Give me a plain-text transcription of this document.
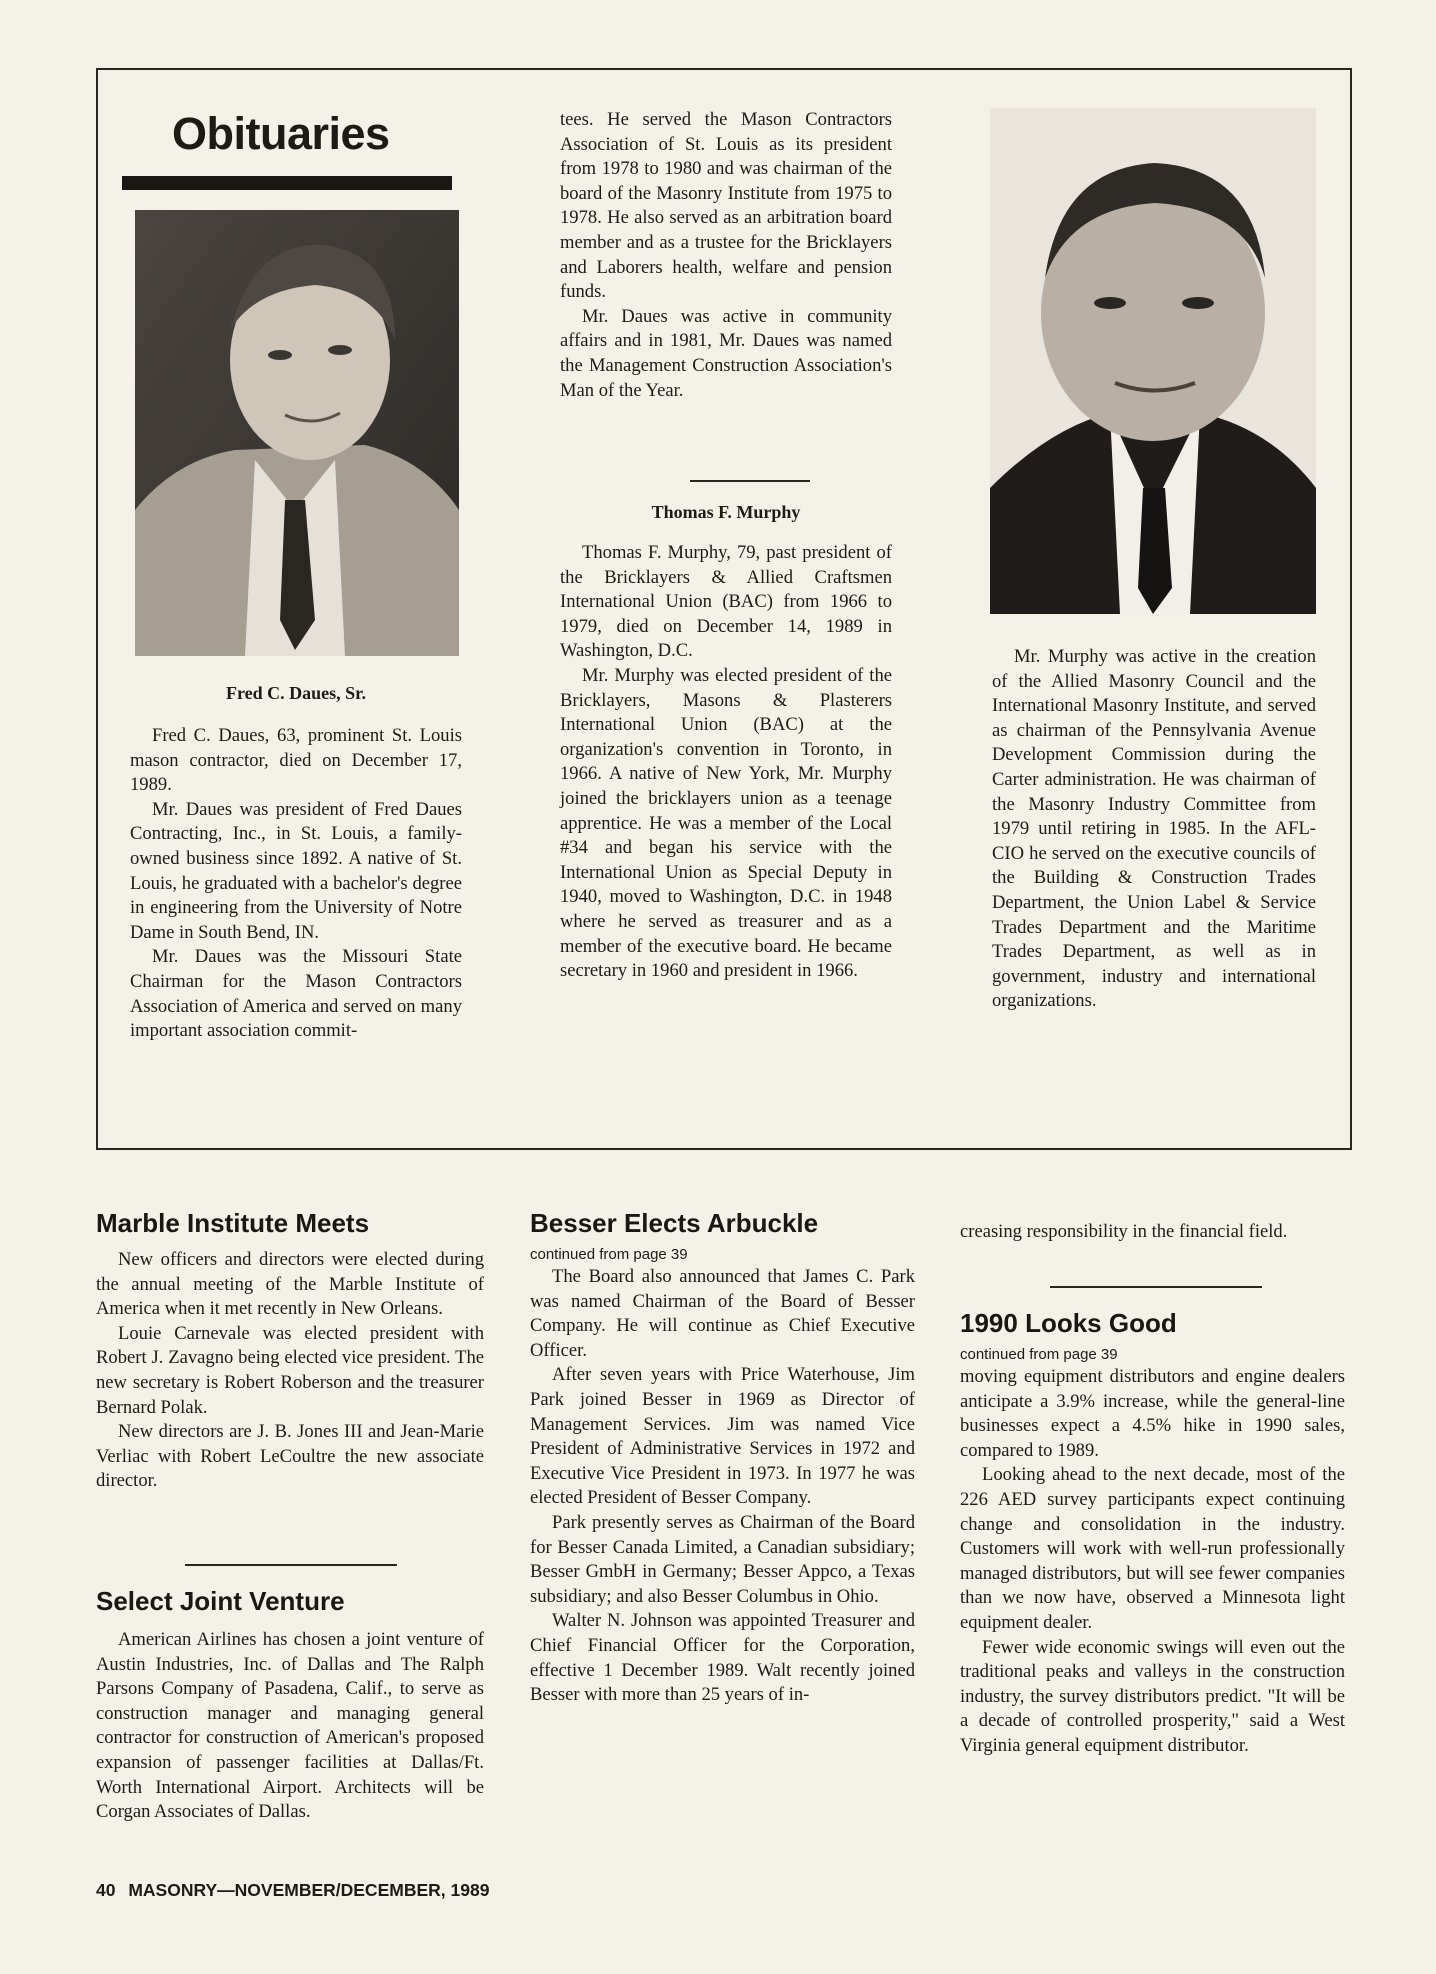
Obituaries

Fred C. Daues, Sr.

Fred C. Daues, 63, prominent St. Louis mason contractor, died on December 17, 1989.

Mr. Daues was president of Fred Daues Contracting, Inc., in St. Louis, a family-owned business since 1892. A native of St. Louis, he graduated with a bachelor's degree in engineering from the University of Notre Dame in South Bend, IN.

Mr. Daues was the Missouri State Chairman for the Mason Contractors Association of America and served on many important association commit-

tees. He served the Mason Contractors Association of St. Louis as its president from 1978 to 1980 and was chairman of the board of the Masonry Institute from 1975 to 1978. He also served as an arbitration board member and as a trustee for the Bricklayers and Laborers health, welfare and pension funds.

Mr. Daues was active in community affairs and in 1981, Mr. Daues was named the Management Construction Association's Man of the Year.

Thomas F. Murphy

Thomas F. Murphy, 79, past president of the Bricklayers & Allied Craftsmen International Union (BAC) from 1966 to 1979, died on December 14, 1989 in Washington, D.C.

Mr. Murphy was elected president of the Bricklayers, Masons & Plasterers International Union (BAC) at the organization's convention in Toronto, in 1966. A native of New York, Mr. Murphy joined the bricklayers union as a teenage apprentice. He was a member of the Local #34 and began his service with the International Union as Special Deputy in 1940, moved to Washington, D.C. in 1948 where he served as treasurer and as a member of the executive board. He became secretary in 1960 and president in 1966.

Mr. Murphy was active in the creation of the Allied Masonry Council and the International Masonry Institute, and served as chairman of the Pennsylvania Avenue Development Commission during the Carter administration. He was chairman of the Masonry Industry Committee from 1979 until retiring in 1985. In the AFL-CIO he served on the executive councils of the Building & Construction Trades Department, the Union Label & Service Trades Department and the Maritime Trades Department, as well as in government, industry and international organizations.

Marble Institute Meets

New officers and directors were elected during the annual meeting of the Marble Institute of America when it met recently in New Orleans.

Louie Carnevale was elected president with Robert J. Zavagno being elected vice president. The new secretary is Robert Roberson and the treasurer Bernard Polak.

New directors are J. B. Jones III and Jean-Marie Verliac with Robert LeCoultre the new associate director.

Select Joint Venture

American Airlines has chosen a joint venture of Austin Industries, Inc. of Dallas and The Ralph Parsons Company of Pasadena, Calif., to serve as construction manager and managing general contractor for construction of American's proposed expansion of passenger facilities at Dallas/Ft. Worth International Airport. Architects will be Corgan Associates of Dallas.

Besser Elects Arbuckle

continued from page 39

The Board also announced that James C. Park was named Chairman of the Board of Besser Company. He will continue as Chief Executive Officer.

After seven years with Price Waterhouse, Jim Park joined Besser in 1969 as Director of Management Services. Jim was named Vice President of Administrative Services in 1972 and Executive Vice President in 1973. In 1977 he was elected President of Besser Company.

Park presently serves as Chairman of the Board for Besser Canada Limited, a Canadian subsidiary; Besser GmbH in Germany; Besser Appco, a Texas subsidiary; and also Besser Columbus in Ohio.

Walter N. Johnson was appointed Treasurer and Chief Financial Officer for the Corporation, effective 1 December 1989. Walt recently joined Besser with more than 25 years of in-

creasing responsibility in the financial field.

1990 Looks Good

continued from page 39

moving equipment distributors and engine dealers anticipate a 3.9% increase, while the general-line businesses expect a 4.5% hike in 1990 sales, compared to 1989.

Looking ahead to the next decade, most of the 226 AED survey participants expect continuing change and consolidation in the industry. Customers will work with well-run professionally managed distributors, but will see fewer companies than we now have, observed a Minnesota light equipment dealer.

Fewer wide economic swings will even out the traditional peaks and valleys in the construction industry, the survey distributors predict. "It will be a decade of controlled prosperity," said a West Virginia general equipment distributor.

40 MASONRY—NOVEMBER/DECEMBER, 1989
